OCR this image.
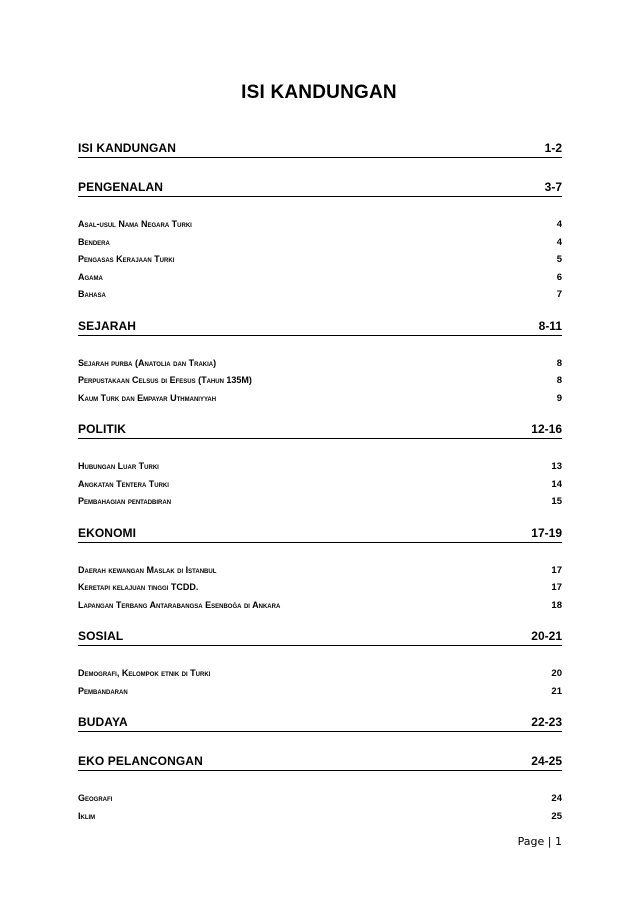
ISI KANDUNGAN
ISI KANDUNGAN	1-2
PENGENALAN	3-7
Asal-usul Nama Negara Turki	4
Bendera	4
Pengasas Kerajaan Turki	5
Agama	6
Bahasa	7
SEJARAH	8-11
Sejarah purba (Anatolia dan Trakia)	8
Perpustakaan Celsus di Efesus (Tahun 135M)	8
Kaum Turk dan Empayar Uthmaniyyah	9
POLITIK	12-16
Hubungan Luar Turki	13
Angkatan Tentera Turki	14
Pembahagian pentadbiran	15
EKONOMI	17-19
Daerah kewangan Maslak di Istanbul	17
Keretapi kelajuan tinggi TCDD.	17
Lapangan Terbang Antarabangsa Esenboğa di Ankara	18
SOSIAL	20-21
Demografi, Kelompok etnik di Turki	20
Pembandaran	21
BUDAYA	22-23
EKO PELANCONGAN	24-25
Geografi	24
Iklim	25
Page | 1
